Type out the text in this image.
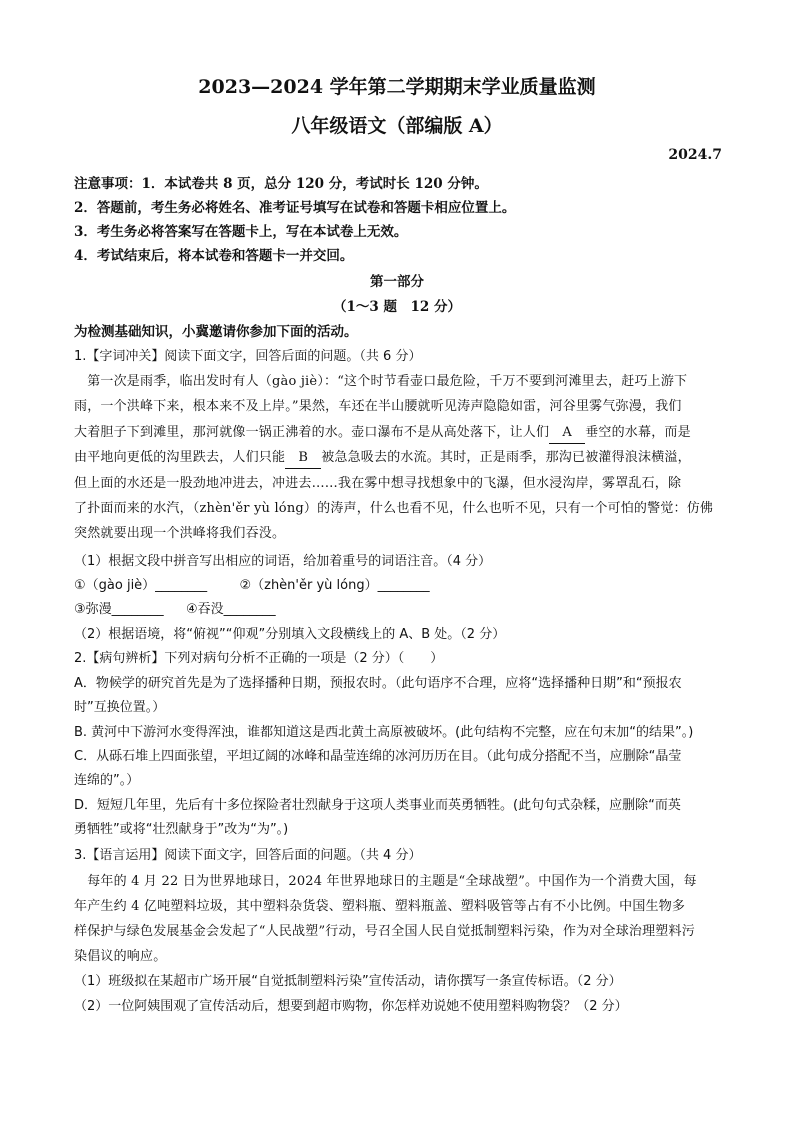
2023—2024 学年第二学期期末学业质量监测
八年级语文（部编版 A）
2024.7
注意事项：1．本试卷共 8 页，总分 120 分，考试时长 120 分钟。
2．答题前，考生务必将姓名、准考证号填写在试卷和答题卡相应位置上。
3．考生务必将答案写在答题卡上，写在本试卷上无效。
4．考试结束后，将本试卷和答题卡一并交回。
第一部分
（1～3 题　12 分）
为检测基础知识，小冀邀请你参加下面的活动。
1.【字词冲关】阅读下面文字，回答后面的问题。（共 6 分）
　第一次是雨季，临出发时有人（gào jiè）：“这个时节看壶口最危险，千万不要到河滩里去，赶巧上游下
雨，一个洪峰下来，根本来不及上岸。”果然，车还在半山腰就听见涛声隐隐如雷，河谷里雾气弥漫，我们
大着胆子下到滩里，那河就像一锅正沸着的水。壶口瀑布不是从高处落下，让人们 A 垂空的水幕，而是
由平地向更低的沟里跌去，人们只能 B 被急急吸去的水流。其时，正是雨季，那沟已被灌得浪沫横溢，
但上面的水还是一股劲地冲进去，冲进去……我在雾中想寻找想象中的飞瀑，但水浸沟岸，雾罩乱石，除
了扑面而来的水汽，（zhèn'ěr yù lóng）的涛声，什么也看不见，什么也听不见，只有一个可怕的警觉：仿佛
突然就要出现一个洪峰将我们吞没。
（1）根据文段中拼音写出相应的词语，给加着重号的词语注音。（4 分）
①（gào jiè）________ ②（zhèn'ěr yù lóng）________
③弥漫________ ④吞没________
（2）根据语境，将“俯视”“仰观”分别填入文段横线上的 A、B 处。（2 分）
2.【病句辨析】下列对病句分析不正确的一项是（2 分）（　　）
A．物候学的研究首先是为了选择播种日期，预报农时。（此句语序不合理，应将“选择播种日期”和“预报农
时”互换位置。）
B. 黄河中下游河水变得浑浊，谁都知道这是西北黄土高原被破坏。(此句结构不完整，应在句末加“的结果”。)
C．从砾石堆上四面张望，平坦辽阔的冰峰和晶莹连绵的冰河历历在目。（此句成分搭配不当，应删除“晶莹
连绵的”。）
D．短短几年里，先后有十多位探险者壮烈献身于这项人类事业而英勇牺牲。(此句句式杂糅，应删除“而英
勇牺牲”或将“壮烈献身于”改为“为”。)
3.【语言运用】阅读下面文字，回答后面的问题。（共 4 分）
　每年的 4 月 22 日为世界地球日，2024 年世界地球日的主题是“全球战塑”。中国作为一个消费大国，每
年产生约 4 亿吨塑料垃圾，其中塑料杂货袋、塑料瓶、塑料瓶盖、塑料吸管等占有不小比例。中国生物多
样保护与绿色发展基金会发起了“人民战塑”行动，号召全国人民自觉抵制塑料污染，作为对全球治理塑料污
染倡议的响应。
（1）班级拟在某超市广场开展“自觉抵制塑料污染”宣传活动，请你撰写一条宣传标语。（2 分）
（2）一位阿姨围观了宣传活动后，想要到超市购物，你怎样劝说她不使用塑料购物袋？（2 分）
